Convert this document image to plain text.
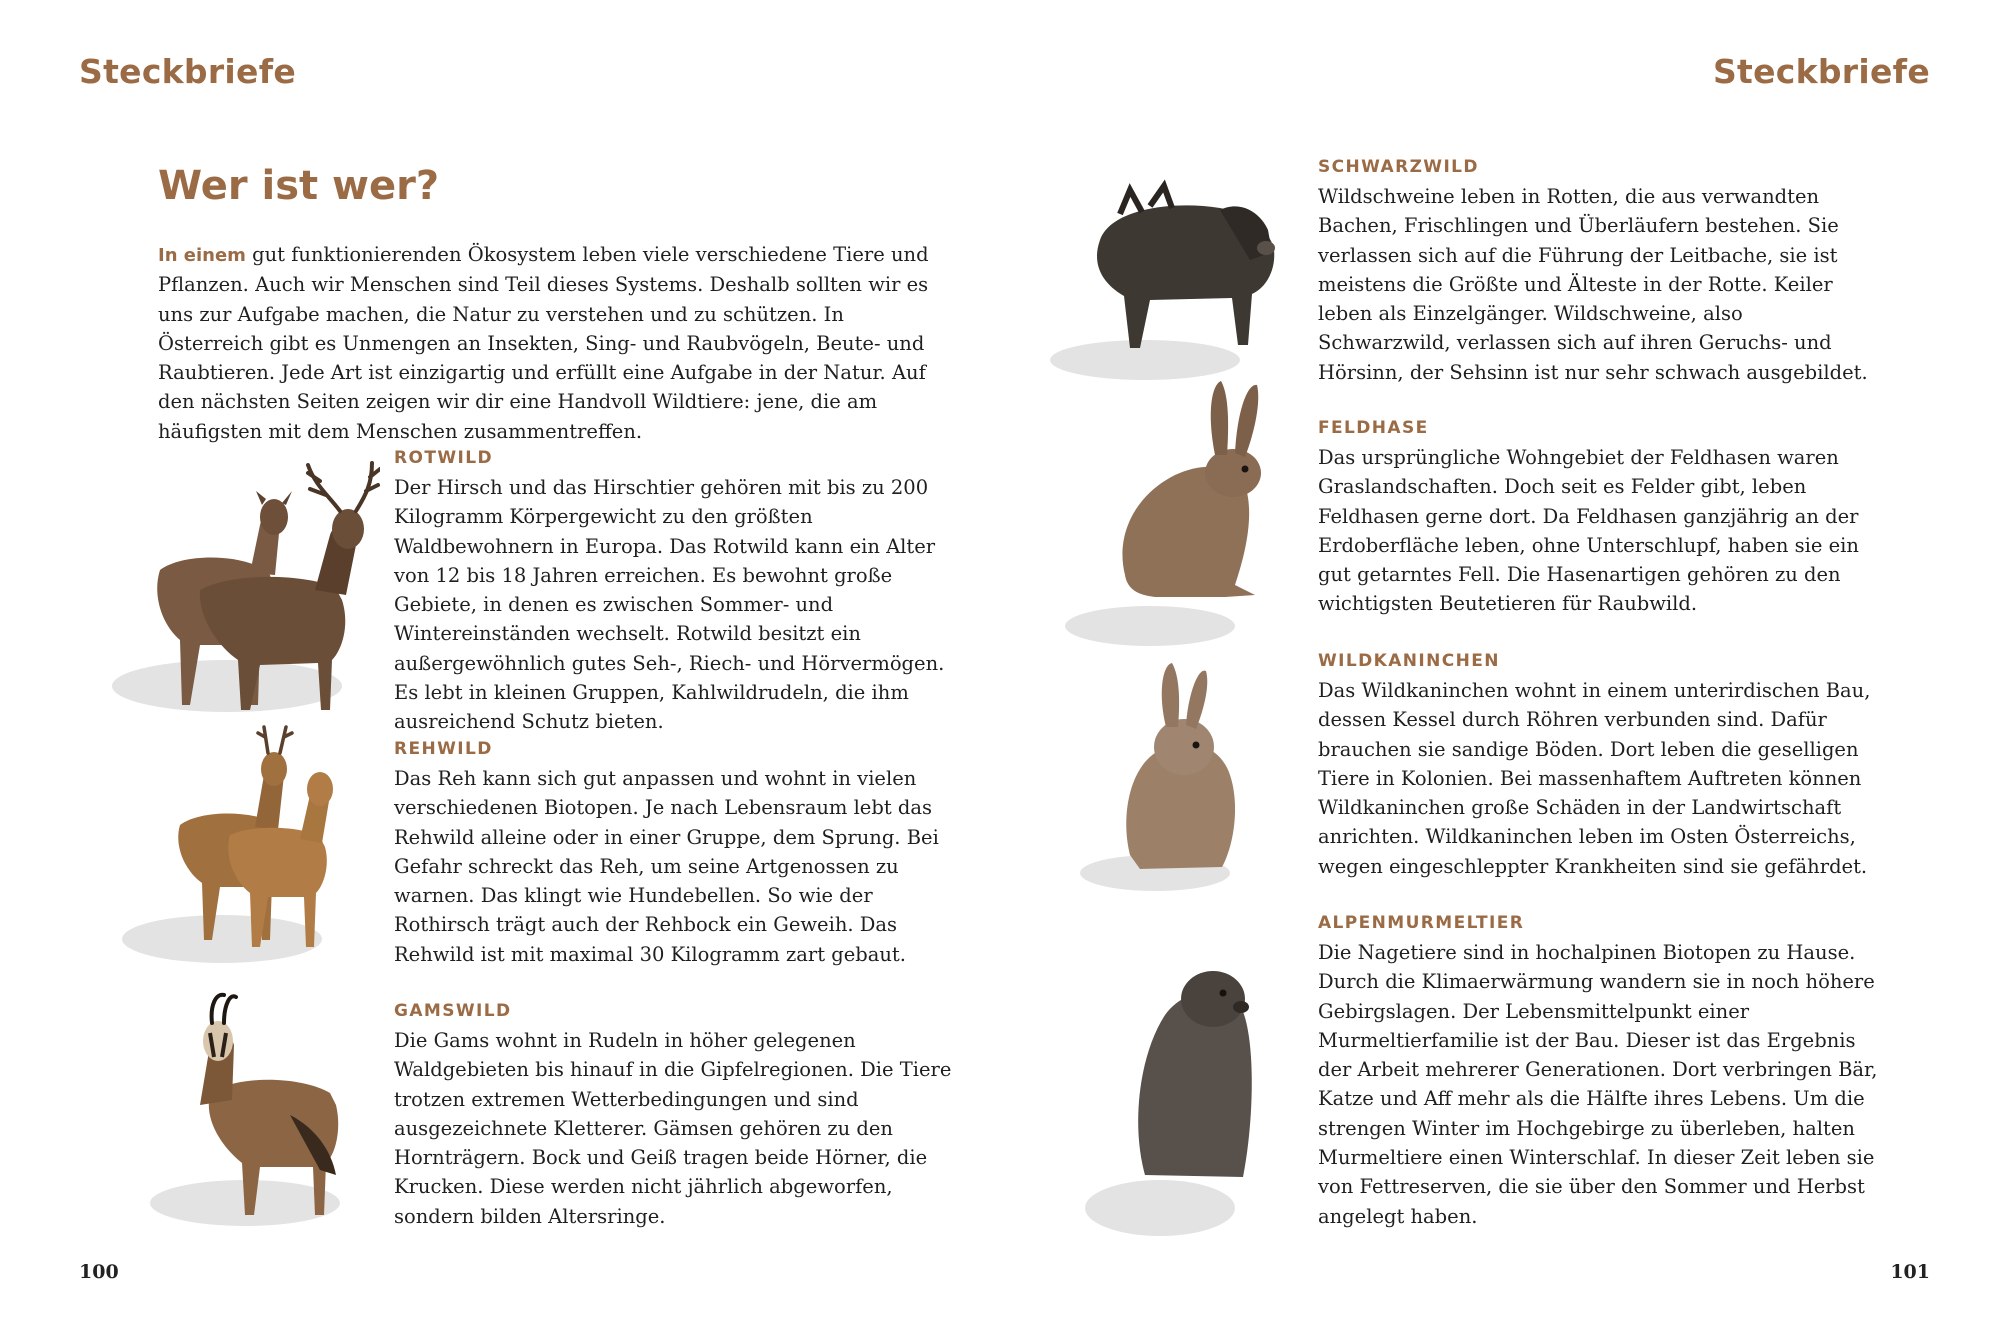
Steckbriefe
Wer ist wer?

In einem gut funktionierenden Ökosystem leben viele verschiedene Tiere und Pflanzen. Auch wir Menschen sind Teil dieses Systems. Deshalb sollten wir es uns zur Aufgabe machen, die Natur zu verstehen und zu schützen. In Österreich gibt es Unmengen an Insekten, Sing- und Raubvögeln, Beute- und Raubtieren. Jede Art ist einzigartig und erfüllt eine Aufgabe in der Natur. Auf den nächsten Seiten zeigen wir dir eine Handvoll Wildtiere: jene, die am häufigsten mit dem Menschen zusammentreffen.

ROTWILD

Der Hirsch und das Hirschtier gehören mit bis zu 200 Kilogramm Körpergewicht zu den größten Waldbewohnern in Europa. Das Rotwild kann ein Alter von 12 bis 18 Jahren erreichen. Es bewohnt große Gebiete, in denen es zwischen Sommer- und Wintereinständen wechselt. Rotwild besitzt ein außergewöhnlich gutes Seh-, Riech- und Hörvermögen. Es lebt in kleinen Gruppen, Kahlwildrudeln, die ihm ausreichend Schutz bieten.

REHWILD

Das Reh kann sich gut anpassen und wohnt in vielen verschiedenen Biotopen. Je nach Lebensraum lebt das Rehwild alleine oder in einer Gruppe, dem Sprung. Bei Gefahr schreckt das Reh, um seine Artgenossen zu warnen. Das klingt wie Hundebellen. So wie der Rothirsch trägt auch der Rehbock ein Geweih. Das Rehwild ist mit maximal 30 Kilogramm zart gebaut.

GAMSWILD

Die Gams wohnt in Rudeln in höher gelegenen Waldgebieten bis hinauf in die Gipfelregionen. Die Tiere trotzen extremen Wetterbedingungen und sind ausgezeichnete Kletterer. Gämsen gehören zu den Hornträgern. Bock und Geiß tragen beide Hörner, die Krucken. Diese werden nicht jährlich abgeworfen, sondern bilden Altersringe.

100
Steckbriefe
SCHWARZWILD

Wildschweine leben in Rotten, die aus verwandten Bachen, Frischlingen und Überläufern bestehen. Sie verlassen sich auf die Führung der Leitbache, sie ist meistens die Größte und Älteste in der Rotte. Keiler leben als Einzelgänger. Wildschweine, also Schwarzwild, verlassen sich auf ihren Geruchs- und Hörsinn, der Sehsinn ist nur sehr schwach ausgebildet.

FELDHASE

Das ursprüngliche Wohngebiet der Feldhasen waren Graslandschaften. Doch seit es Felder gibt, leben Feldhasen gerne dort. Da Feldhasen ganzjährig an der Erdoberfläche leben, ohne Unterschlupf, haben sie ein gut getarntes Fell. Die Hasenartigen gehören zu den wichtigsten Beutetieren für Raubwild.

WILDKANINCHEN

Das Wildkaninchen wohnt in einem unterirdischen Bau, dessen Kessel durch Röhren verbunden sind. Dafür brauchen sie sandige Böden. Dort leben die geselligen Tiere in Kolonien. Bei massenhaftem Auftreten können Wildkaninchen große Schäden in der Landwirtschaft anrichten. Wildkaninchen leben im Osten Österreichs, wegen eingeschleppter Krankheiten sind sie gefährdet.

ALPENMURMELTIER

Die Nagetiere sind in hochalpinen Biotopen zu Hause. Durch die Klimaerwärmung wandern sie in noch höhere Gebirgslagen. Der Lebensmittelpunkt einer Murmeltierfamilie ist der Bau. Dieser ist das Ergebnis der Arbeit mehrerer Generationen. Dort verbringen Bär, Katze und Aff mehr als die Hälfte ihres Lebens. Um die strengen Winter im Hochgebirge zu überleben, halten Murmeltiere einen Winterschlaf. In dieser Zeit leben sie von Fettreserven, die sie über den Sommer und Herbst angelegt haben.

101
